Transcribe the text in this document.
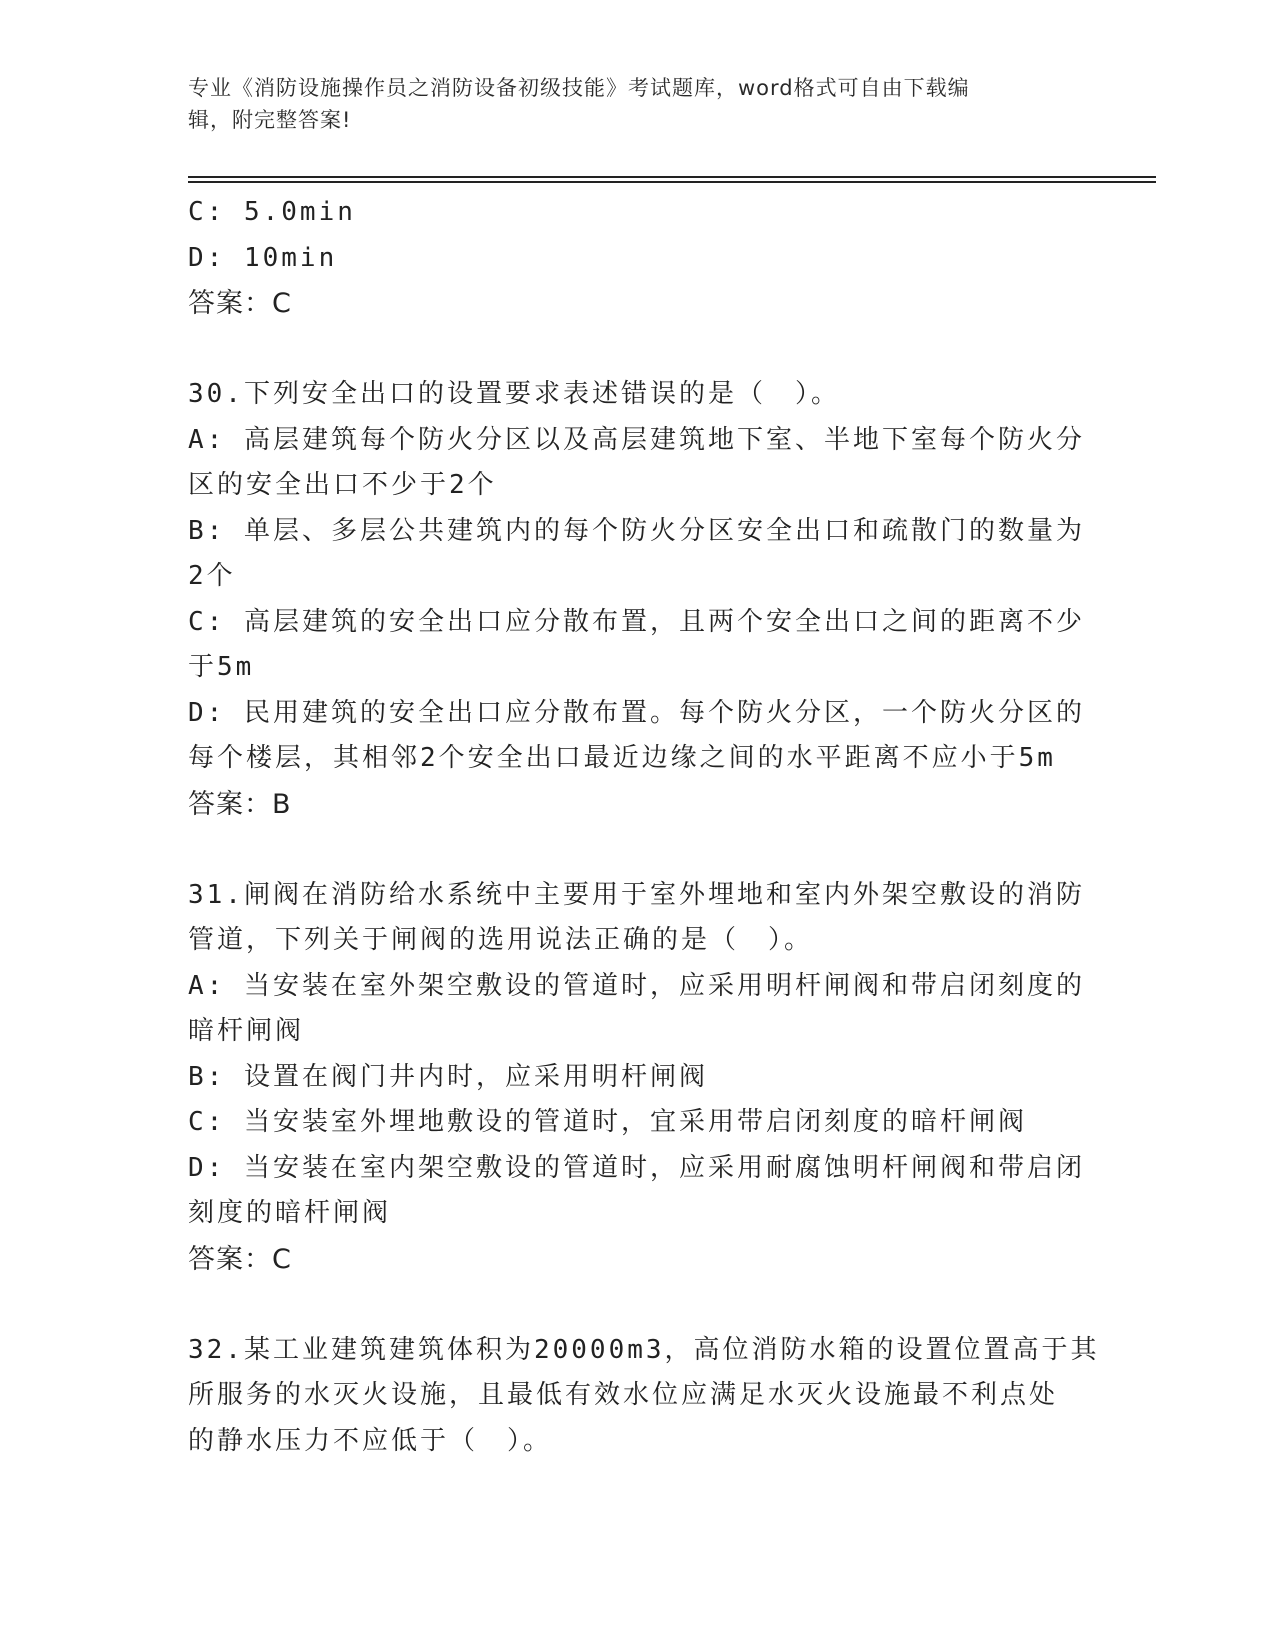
专业《消防设施操作员之消防设备初级技能》考试题库，word格式可自由下载编
辑，附完整答案!
C: 5.0min
D: 10min
答案：C
30.下列安全出口的设置要求表述错误的是（　）。
A: 高层建筑每个防火分区以及高层建筑地下室、半地下室每个防火分
区的安全出口不少于2个
B: 单层、多层公共建筑内的每个防火分区安全出口和疏散门的数量为
2个
C: 高层建筑的安全出口应分散布置，且两个安全出口之间的距离不少
于5m
D: 民用建筑的安全出口应分散布置。每个防火分区，一个防火分区的
每个楼层，其相邻2个安全出口最近边缘之间的水平距离不应小于5m
答案：B
31.闸阀在消防给水系统中主要用于室外埋地和室内外架空敷设的消防
管道，下列关于闸阀的选用说法正确的是（　）。
A: 当安装在室外架空敷设的管道时，应采用明杆闸阀和带启闭刻度的
暗杆闸阀
B: 设置在阀门井内时，应采用明杆闸阀
C: 当安装室外埋地敷设的管道时，宜采用带启闭刻度的暗杆闸阀
D: 当安装在室内架空敷设的管道时，应采用耐腐蚀明杆闸阀和带启闭
刻度的暗杆闸阀
答案：C
32.某工业建筑建筑体积为20000m3，高位消防水箱的设置位置高于其
所服务的水灭火设施，且最低有效水位应满足水灭火设施最不利点处
的静水压力不应低于（　）。
